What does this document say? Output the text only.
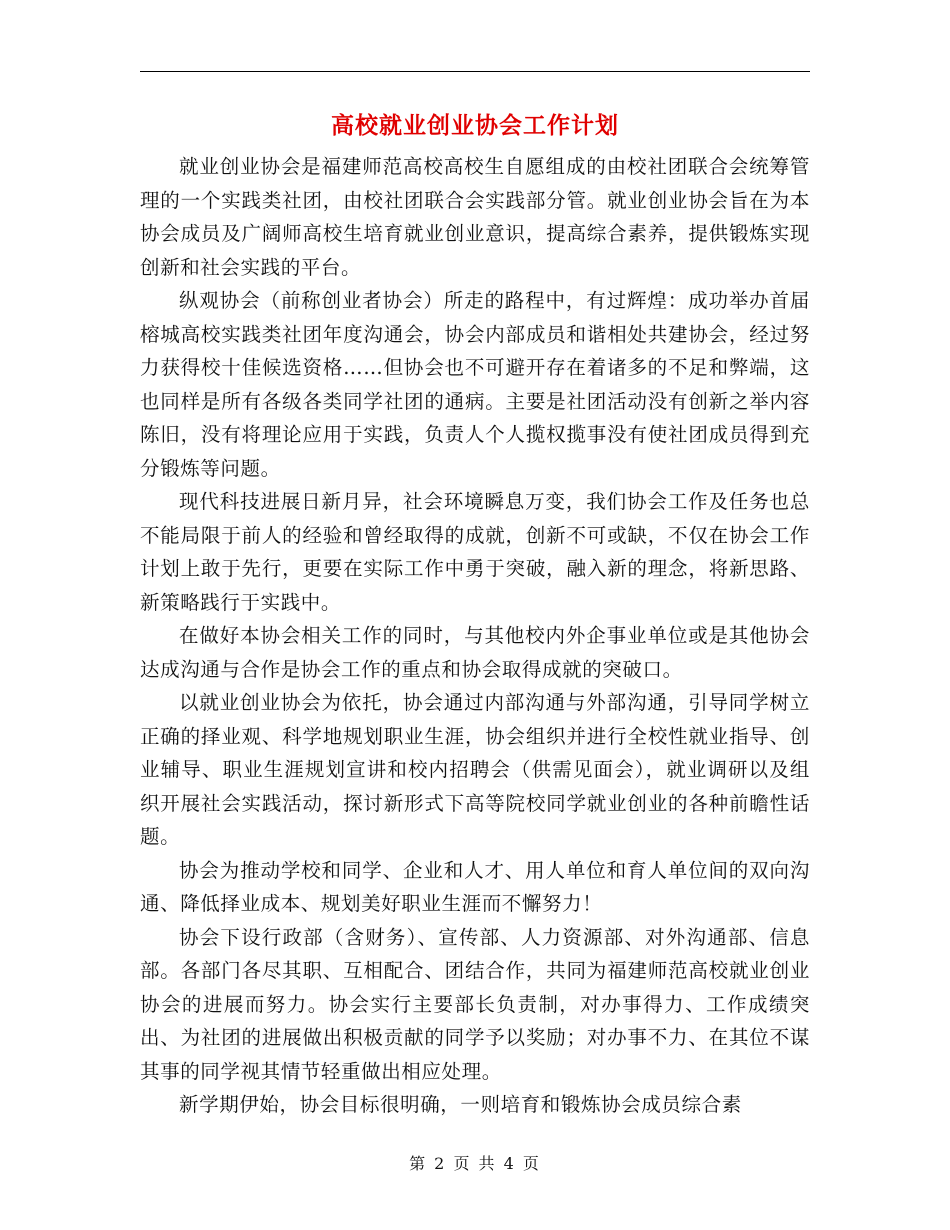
高校就业创业协会工作计划

就业创业协会是福建师范高校高校生自愿组成的由校社团联合会统筹管理的一个实践类社团，由校社团联合会实践部分管。就业创业协会旨在为本协会成员及广阔师高校生培育就业创业意识，提高综合素养，提供锻炼实现创新和社会实践的平台。

纵观协会（前称创业者协会）所走的路程中，有过辉煌：成功举办首届榕城高校实践类社团年度沟通会，协会内部成员和谐相处共建协会，经过努力获得校十佳候选资格……但协会也不可避开存在着诸多的不足和弊端，这也同样是所有各级各类同学社团的通病。主要是社团活动没有创新之举内容陈旧，没有将理论应用于实践，负责人个人揽权揽事没有使社团成员得到充分锻炼等问题。

现代科技进展日新月异，社会环境瞬息万变，我们协会工作及任务也总不能局限于前人的经验和曾经取得的成就，创新不可或缺，不仅在协会工作计划上敢于先行，更要在实际工作中勇于突破，融入新的理念，将新思路、新策略践行于实践中。

在做好本协会相关工作的同时，与其他校内外企事业单位或是其他协会达成沟通与合作是协会工作的重点和协会取得成就的突破口。

以就业创业协会为依托，协会通过内部沟通与外部沟通，引导同学树立正确的择业观、科学地规划职业生涯，协会组织并进行全校性就业指导、创业辅导、职业生涯规划宣讲和校内招聘会（供需见面会），就业调研以及组织开展社会实践活动，探讨新形式下高等院校同学就业创业的各种前瞻性话题。

协会为推动学校和同学、企业和人才、用人单位和育人单位间的双向沟通、降低择业成本、规划美好职业生涯而不懈努力！

协会下设行政部（含财务）、宣传部、人力资源部、对外沟通部、信息部。各部门各尽其职、互相配合、团结合作，共同为福建师范高校就业创业协会的进展而努力。协会实行主要部长负责制，对办事得力、工作成绩突出、为社团的进展做出积极贡献的同学予以奖励；对办事不力、在其位不谋其事的同学视其情节轻重做出相应处理。

新学期伊始，协会目标很明确，一则培育和锻炼协会成员综合素

第 2 页 共 4 页
